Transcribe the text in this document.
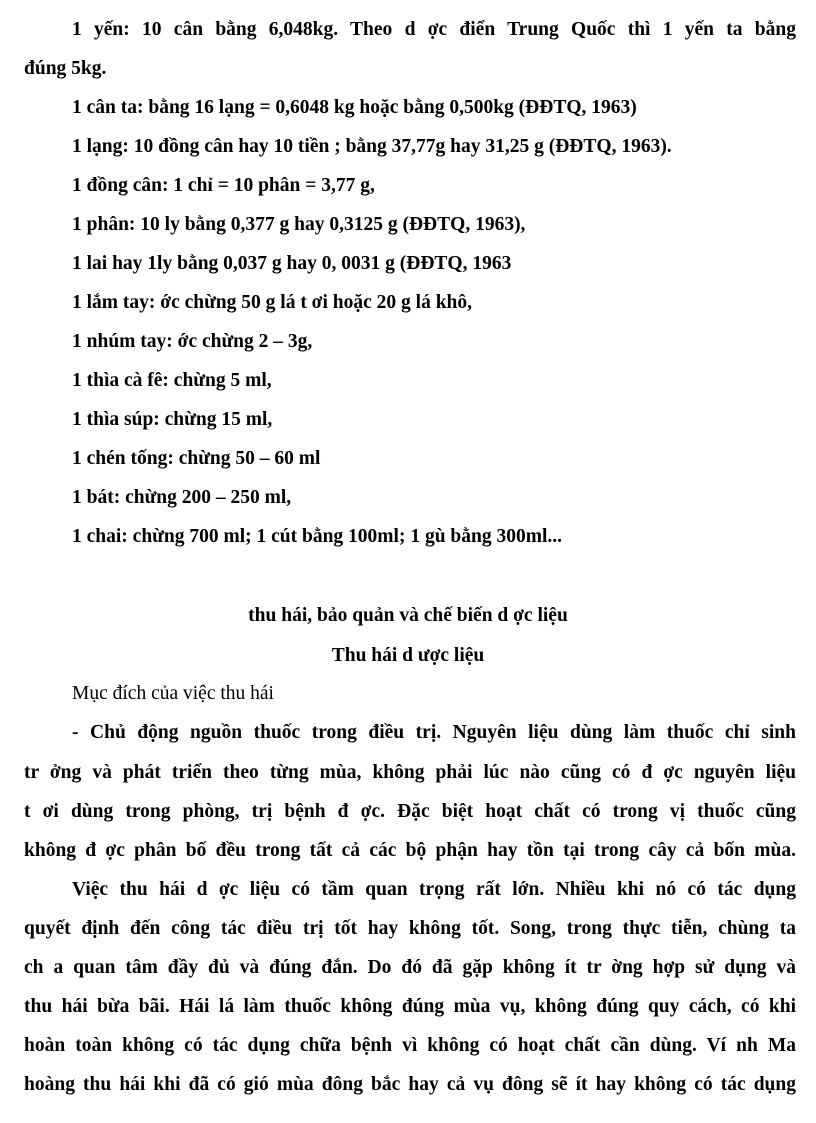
1 yến: 10 cân bằng 6,048kg. Theo d ợc điển Trung Quốc thì 1 yến ta bằng
đúng 5kg.
1 cân ta: bằng 16 lạng = 0,6048 kg hoặc bằng 0,500kg (ĐĐTQ, 1963)
1 lạng: 10 đồng cân hay 10 tiền ; bằng 37,77g hay 31,25 g (ĐĐTQ, 1963).
1 đồng cân: 1 chỉ = 10 phân = 3,77 g,
1 phân: 10 ly bằng 0,377 g hay 0,3125 g (ĐĐTQ, 1963),
1 lai hay 1ly bằng 0,037 g hay 0, 0031 g (ĐĐTQ, 1963
1 lắm tay: ớc chừng 50 g lá t ơi hoặc 20 g lá khô,
1 nhúm tay: ớc chừng 2 – 3g,
1 thìa cà fê: chừng 5 ml,
1 thìa súp: chừng 15 ml,
1 chén tống: chừng 50 – 60 ml
1 bát: chừng 200 – 250 ml,
1 chai: chừng 700 ml; 1 cút bằng 100ml; 1 gù bằng 300ml...
thu hái, bảo quản và chế biến d ợc liệu
Thu hái d ược liệu
Mục đích của việc thu hái
- Chủ động nguồn thuốc trong điều trị. Nguyên liệu dùng làm thuốc chỉ sinh
tr ởng và phát triển theo từng mùa, không phải lúc nào cũng có đ ợc nguyên liệu
t ơi dùng trong phòng, trị bệnh đ ợc. Đặc biệt hoạt chất có trong vị thuốc cũng
không đ ợc phân bố đều trong tất cả các bộ phận hay tồn tại trong cây cả bốn mùa.
Việc thu hái d ợc liệu có tầm quan trọng rất lớn. Nhiều khi nó có tác dụng
quyết định đến công tác điều trị tốt hay không tốt. Song, trong thực tiễn, chùng ta
ch a quan tâm đầy đủ và đúng đắn. Do đó đã gặp không ít tr ờng hợp sử dụng và
thu hái bừa bãi. Hái lá làm thuốc không đúng mùa vụ, không đúng quy cách, có khi
hoàn toàn không có tác dụng chữa bệnh vì không có hoạt chất cần dùng. Ví nh Ma
hoàng thu hái khi đã có gió mùa đông bắc hay cả vụ đông sẽ ít hay không có tác dụng
